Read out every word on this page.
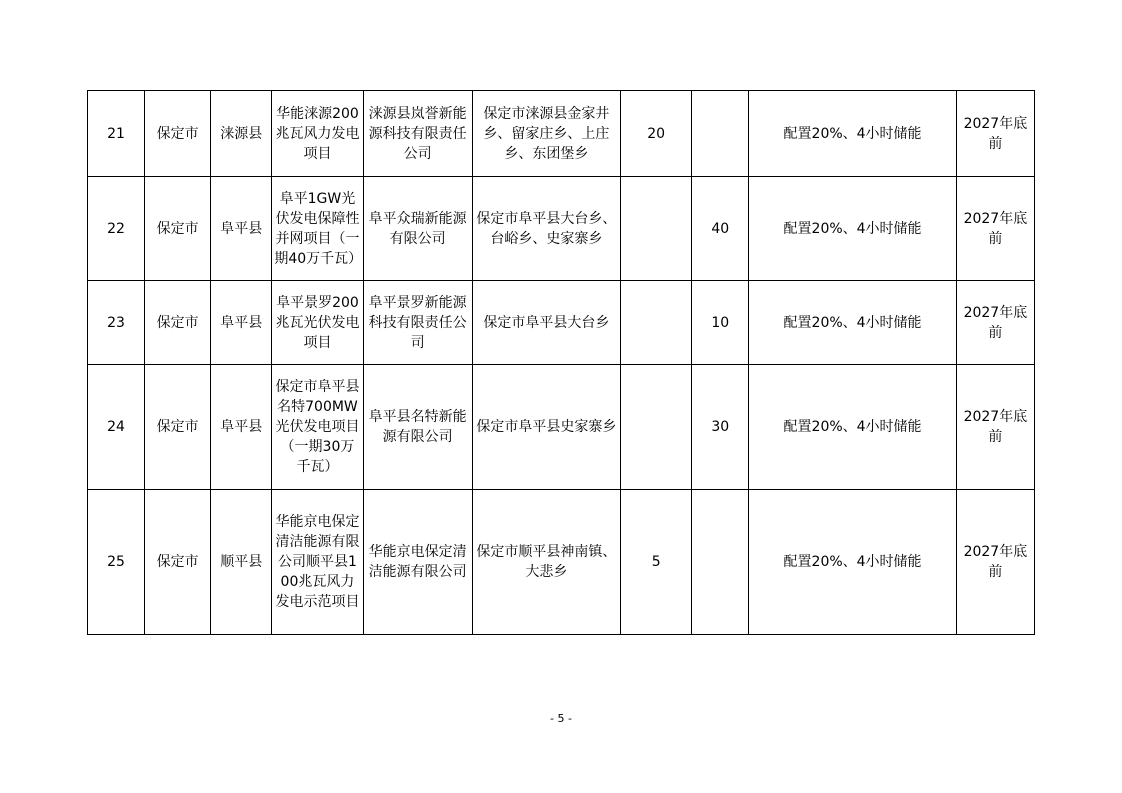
21	保定市	涞源县	华能涞源200兆瓦风力发电项目	涞源县岚誉新能源科技有限责任公司	保定市涞源县金家井乡、留家庄乡、上庄乡、东团堡乡	20		配置20%、4小时储能	2027年底前
22	保定市	阜平县	阜平1GW光伏发电保障性并网项目（一期40万千瓦）	阜平众瑞新能源有限公司	保定市阜平县大台乡、台峪乡、史家寨乡		40	配置20%、4小时储能	2027年底前
23	保定市	阜平县	阜平景罗200兆瓦光伏发电项目	阜平景罗新能源科技有限责任公司	保定市阜平县大台乡		10	配置20%、4小时储能	2027年底前
24	保定市	阜平县	保定市阜平县名特700MW光伏发电项目（一期30万千瓦）	阜平县名特新能源有限公司	保定市阜平县史家寨乡		30	配置20%、4小时储能	2027年底前
25	保定市	顺平县	华能京电保定清洁能源有限公司顺平县100兆瓦风力发电示范项目	华能京电保定清洁能源有限公司	保定市顺平县神南镇、大悲乡	5		配置20%、4小时储能	2027年底前
- 5 -
